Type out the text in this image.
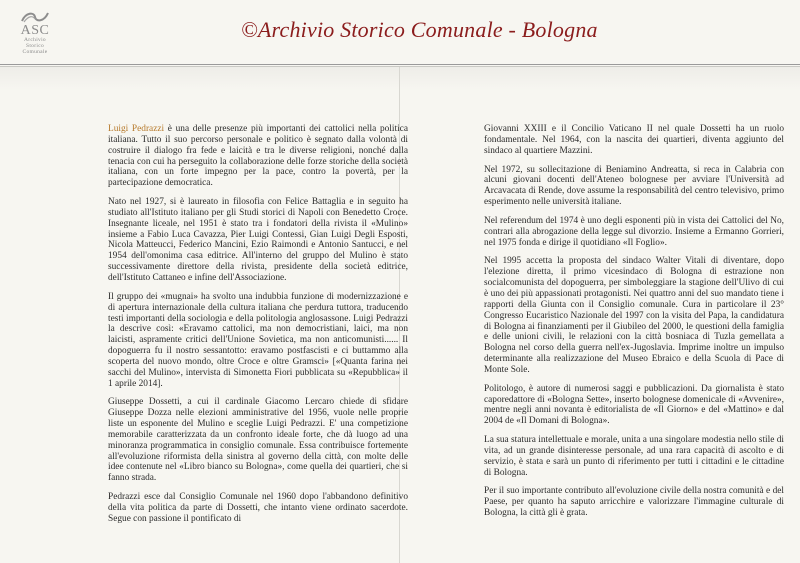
ASC
Archivio
Storico
Comunale
©Archivio Storico Comunale - Bologna

Luigi Pedrazzi è una delle presenze più importanti dei cattolici nella politica italiana. Tutto il suo percorso personale e politico è segnato dalla volontà di costruire il dialogo fra fede e laicità e tra le diverse religioni, nonché dalla tenacia con cui ha perseguito la collaborazione delle forze storiche della società italiana, con un forte impegno per la pace, contro la povertà, per la partecipazione democratica.

Nato nel 1927, si è laureato in filosofia con Felice Battaglia e in seguito ha studiato all'Istituto italiano per gli Studi storici di Napoli con Benedetto Croce. Insegnante liceale, nel 1951 è stato tra i fondatori della rivista il «Mulino» insieme a Fabio Luca Cavazza, Pier Luigi Contessi, Gian Luigi Degli Esposti, Nicola Matteucci, Federico Mancini, Ezio Raimondi e Antonio Santucci, e nel 1954 dell'omonima casa editrice. All'interno del gruppo del Mulino è stato successivamente direttore della rivista, presidente della società editrice, dell'Istituto Cattaneo e infine dell'Associazione.

Il gruppo dei «mugnai» ha svolto una indubbia funzione di modernizzazione e di apertura internazionale della cultura italiana che perdura tuttora, traducendo testi importanti della sociologia e della politologia anglosassone. Luigi Pedrazzi la descrive così: «Eravamo cattolici, ma non democristiani, laici, ma non laicisti, aspramente critici dell'Unione Sovietica, ma non anticomunisti...... Il dopoguerra fu il nostro sessantotto: eravamo postfascisti e ci buttammo alla scoperta del nuovo mondo, oltre Croce e oltre Gramsci» [«Quanta farina nei sacchi del Mulino», intervista di Simonetta Fiori pubblicata su «Repubblica» il 1 aprile 2014].

Giuseppe Dossetti, a cui il cardinale Giacomo Lercaro chiede di sfidare Giuseppe Dozza nelle elezioni amministrative del 1956, vuole nelle proprie liste un esponente del Mulino e sceglie Luigi Pedrazzi. E' una competizione memorabile caratterizzata da un confronto ideale forte, che dà luogo ad una minoranza programmatica in consiglio comunale. Essa contribuisce fortemente all'evoluzione riformista della sinistra al governo della città, con molte delle idee contenute nel «Libro bianco su Bologna», come quella dei quartieri, che si fanno strada.

Pedrazzi esce dal Consiglio Comunale nel 1960 dopo l'abbandono definitivo della vita politica da parte di Dossetti, che intanto viene ordinato sacerdote. Segue con passione il pontificato di

Giovanni XXIII e il Concilio Vaticano II nel quale Dossetti ha un ruolo fondamentale. Nel 1964, con la nascita dei quartieri, diventa aggiunto del sindaco al quartiere Mazzini.

Nel 1972, su sollecitazione di Beniamino Andreatta, si reca in Calabria con alcuni giovani docenti dell'Ateneo bolognese per avviare l'Università ad Arcavacata di Rende, dove assume la responsabilità del centro televisivo, primo esperimento nelle università italiane.

Nel referendum del 1974 è uno degli esponenti più in vista dei Cattolici del No, contrari alla abrogazione della legge sul divorzio. Insieme a Ermanno Gorrieri, nel 1975 fonda e dirige il quotidiano «Il Foglio».

Nel 1995 accetta la proposta del sindaco Walter Vitali di diventare, dopo l'elezione diretta, il primo vicesindaco di Bologna di estrazione non socialcomunista del dopoguerra, per simboleggiare la stagione dell'Ulivo di cui è uno dei più appassionati protagonisti. Nei quattro anni del suo mandato tiene i rapporti della Giunta con il Consiglio comunale. Cura in particolare il 23° Congresso Eucaristico Nazionale del 1997 con la visita del Papa, la candidatura di Bologna ai finanziamenti per il Giubileo del 2000, le questioni della famiglia e delle unioni civili, le relazioni con la città bosniaca di Tuzla gemellata a Bologna nel corso della guerra nell'ex-Jugoslavia. Imprime inoltre un impulso determinante alla realizzazione del Museo Ebraico e della Scuola di Pace di Monte Sole.

Politologo, è autore di numerosi saggi e pubblicazioni. Da giornalista è stato caporedattore di «Bologna Sette», inserto bolognese domenicale di «Avvenire», mentre negli anni novanta è editorialista de «Il Giorno» e del «Mattino» e dal 2004 de «Il Domani di Bologna».

La sua statura intellettuale e morale, unita a una singolare modestia nello stile di vita, ad un grande disinteresse personale, ad una rara capacità di ascolto e di servizio, è stata e sarà un punto di riferimento per tutti i cittadini e le cittadine di Bologna.

Per il suo importante contributo all'evoluzione civile della nostra comunità e del Paese, per quanto ha saputo arricchire e valorizzare l'immagine culturale di Bologna, la città gli è grata.
